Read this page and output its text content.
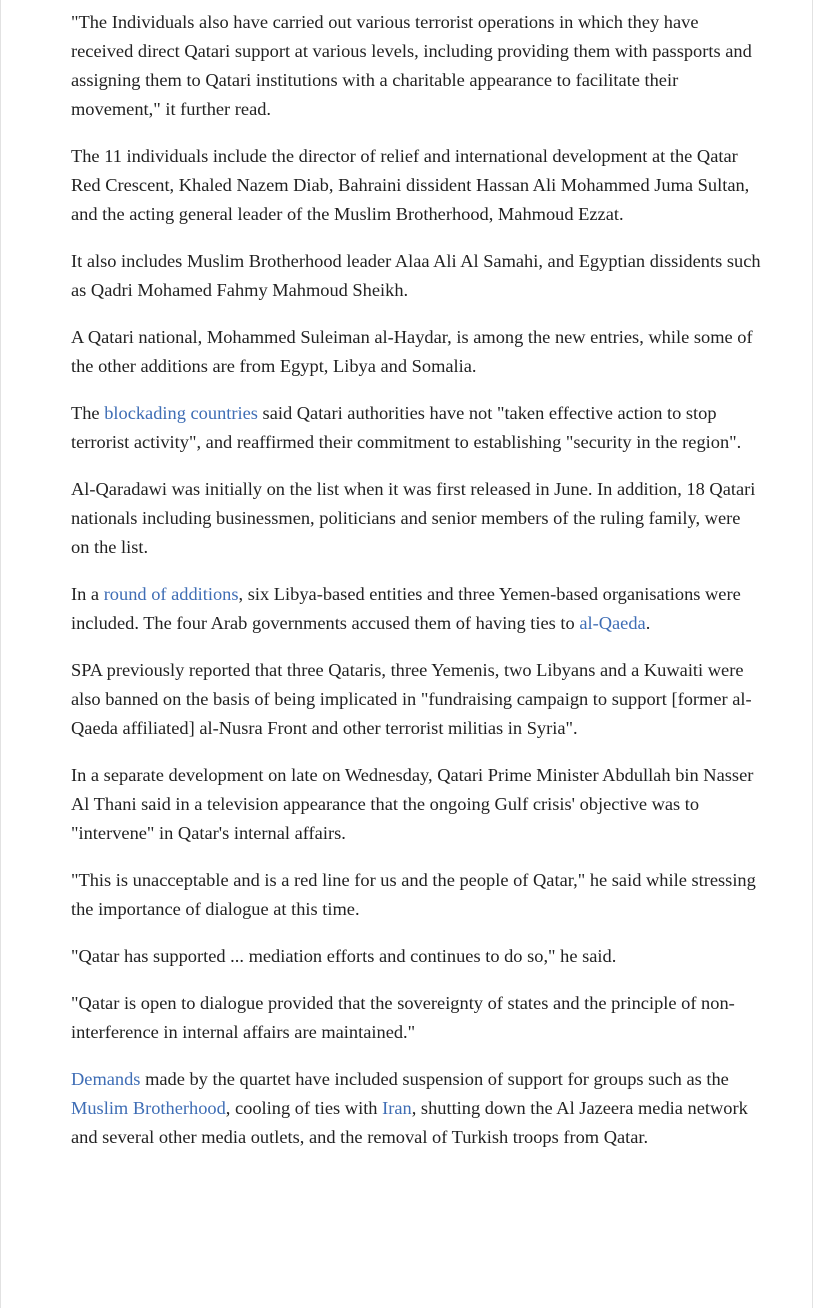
"The Individuals also have carried out various terrorist operations in which they have received direct Qatari support at various levels, including providing them with passports and assigning them to Qatari institutions with a charitable appearance to facilitate their movement," it further read.

The 11 individuals include the director of relief and international development at the Qatar Red Crescent, Khaled Nazem Diab, Bahraini dissident Hassan Ali Mohammed Juma Sultan, and the acting general leader of the Muslim Brotherhood, Mahmoud Ezzat.

It also includes Muslim Brotherhood leader Alaa Ali Al Samahi, and Egyptian dissidents such as Qadri Mohamed Fahmy Mahmoud Sheikh.

A Qatari national, Mohammed Suleiman al-Haydar, is among the new entries, while some of the other additions are from Egypt, Libya and Somalia.

The blockading countries said Qatari authorities have not "taken effective action to stop terrorist activity", and reaffirmed their commitment to establishing "security in the region".

Al-Qaradawi was initially on the list when it was first released in June. In addition, 18 Qatari nationals including businessmen, politicians and senior members of the ruling family, were on the list.

In a round of additions, six Libya-based entities and three Yemen-based organisations were included. The four Arab governments accused them of having ties to al-Qaeda.

SPA previously reported that three Qataris, three Yemenis, two Libyans and a Kuwaiti were also banned on the basis of being implicated in "fundraising campaign to support [former al-Qaeda affiliated] al-Nusra Front and other terrorist militias in Syria".

In a separate development on late on Wednesday, Qatari Prime Minister Abdullah bin Nasser Al Thani said in a television appearance that the ongoing Gulf crisis' objective was to "intervene" in Qatar's internal affairs.

"This is unacceptable and is a red line for us and the people of Qatar," he said while stressing the importance of dialogue at this time.

"Qatar has supported ... mediation efforts and continues to do so," he said.

"Qatar is open to dialogue provided that the sovereignty of states and the principle of non-interference in internal affairs are maintained."

Demands made by the quartet have included suspension of support for groups such as the Muslim Brotherhood, cooling of ties with Iran, shutting down the Al Jazeera media network and several other media outlets, and the removal of Turkish troops from Qatar.
